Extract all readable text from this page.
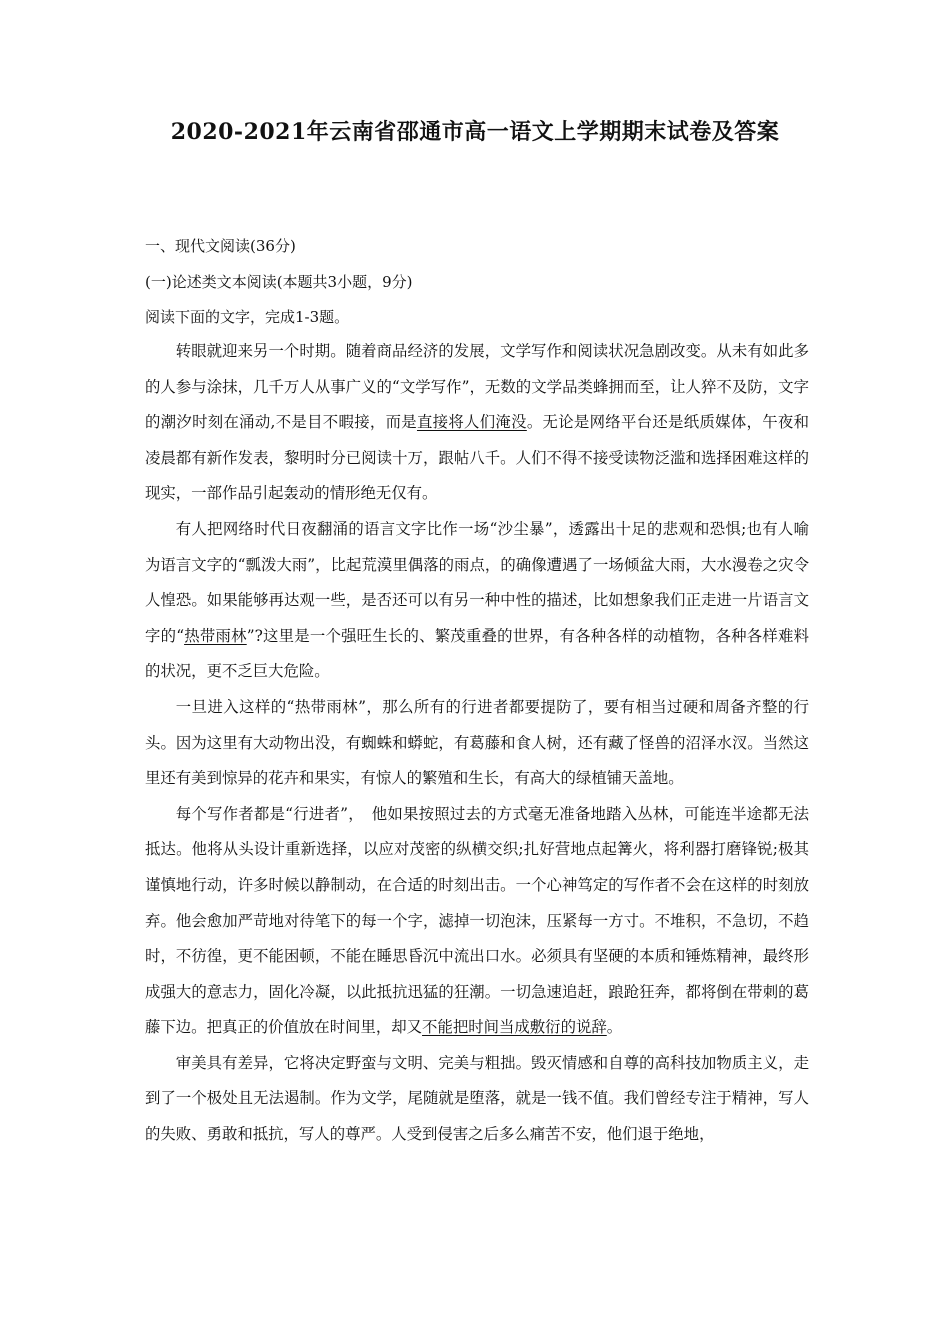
2020-2021年云南省邵通市高一语文上学期期末试卷及答案
一、现代文阅读(36分)
(一)论述类文本阅读(本题共3小题，9分)
阅读下面的文字，完成1-3题。

转眼就迎来另一个时期。随着商品经济的发展，文学写作和阅读状况急剧改变。从未有如此多的人参与涂抹，几千万人从事广义的“文学写作”，无数的文学品类蜂拥而至，让人猝不及防，文字的潮汐时刻在涌动,不是目不暇接，而是直接将人们淹没。无论是网络平台还是纸质媒体，午夜和凌晨都有新作发表，黎明时分已阅读十万，跟帖八千。人们不得不接受读物泛滥和选择困难这样的现实，一部作品引起轰动的情形绝无仅有。

有人把网络时代日夜翻涌的语言文字比作一场“沙尘暴”，透露出十足的悲观和恐惧;也有人喻为语言文字的“瓢泼大雨”，比起荒漠里偶落的雨点，的确像遭遇了一场倾盆大雨，大水漫卷之灾令人惶恐。如果能够再达观一些，是否还可以有另一种中性的描述，比如想象我们正走进一片语言文字的“热带雨林”?这里是一个强旺生长的、繁茂重叠的世界，有各种各样的动植物，各种各样难料的状况，更不乏巨大危险。

一旦进入这样的“热带雨林”，那么所有的行进者都要提防了，要有相当过硬和周备齐整的行头。因为这里有大动物出没，有蜘蛛和蟒蛇，有葛藤和食人树，还有藏了怪兽的沼泽水汊。当然这里还有美到惊异的花卉和果实，有惊人的繁殖和生长，有高大的绿植铺天盖地。

每个写作者都是“行进者”，　他如果按照过去的方式毫无准备地踏入丛林，可能连半途都无法抵达。他将从头设计重新选择，以应对茂密的纵横交织;扎好营地点起篝火，将利器打磨锋锐;极其谨慎地行动，许多时候以静制动，在合适的时刻出击。一个心神笃定的写作者不会在这样的时刻放弃。他会愈加严苛地对待笔下的每一个字，滤掉一切泡沫，压紧每一方寸。不堆积，不急切，不趋时，不彷徨，更不能困顿，不能在睡思昏沉中流出口水。必须具有坚硬的本质和锤炼精神，最终形成强大的意志力，固化冷凝，以此抵抗迅猛的狂潮。一切急速追赶，踉跄狂奔，都将倒在带刺的葛藤下边。把真正的价值放在时间里，却又不能把时间当成敷衍的说辞。

审美具有差异，它将决定野蛮与文明、完美与粗拙。毁灭情感和自尊的高科技加物质主义，走到了一个极处且无法遏制。作为文学，尾随就是堕落，就是一钱不值。我们曾经专注于精神，写人的失败、勇敢和抵抗，写人的尊严。人受到侵害之后多么痛苦不安，他们退于绝地，
